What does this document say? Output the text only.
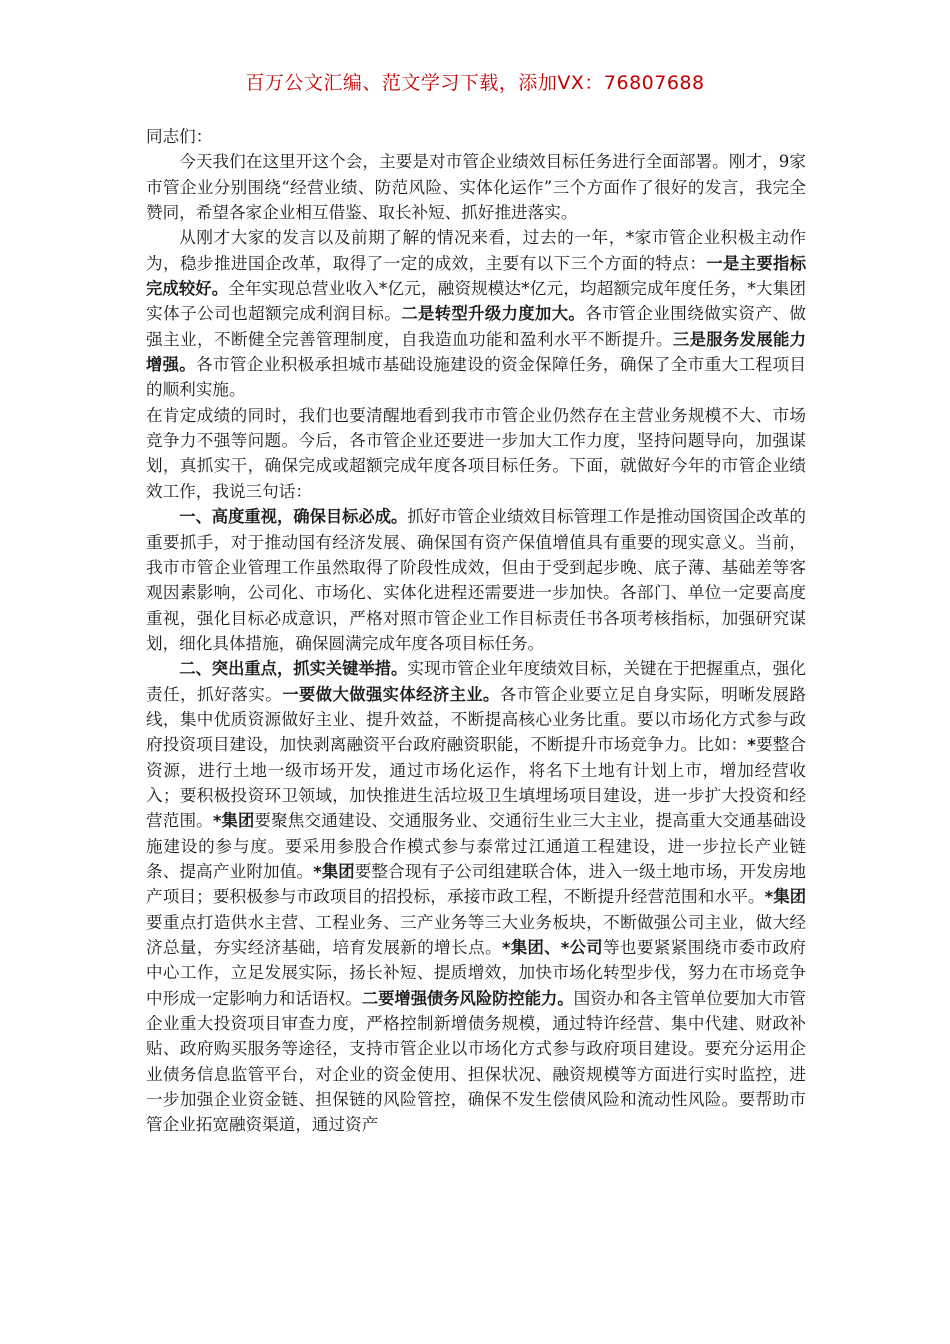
百万公文汇编、范文学习下载，添加VX：76807688

同志们：

今天我们在这里开这个会，主要是对市管企业绩效目标任务进行全面部署。刚才，9家市管企业分别围绕“经营业绩、防范风险、实体化运作”三个方面作了很好的发言，我完全赞同，希望各家企业相互借鉴、取长补短、抓好推进落实。

从刚才大家的发言以及前期了解的情况来看，过去的一年，*家市管企业积极主动作为，稳步推进国企改革，取得了一定的成效，主要有以下三个方面的特点：一是主要指标完成较好。全年实现总营业收入*亿元，融资规模达*亿元，均超额完成年度任务，*大集团实体子公司也超额完成利润目标。二是转型升级力度加大。各市管企业围绕做实资产、做强主业，不断健全完善管理制度，自我造血功能和盈利水平不断提升。三是服务发展能力增强。各市管企业积极承担城市基础设施建设的资金保障任务，确保了全市重大工程项目的顺利实施。

在肯定成绩的同时，我们也要清醒地看到我市市管企业仍然存在主营业务规模不大、市场竞争力不强等问题。今后，各市管企业还要进一步加大工作力度，坚持问题导向，加强谋划，真抓实干，确保完成或超额完成年度各项目标任务。下面，就做好今年的市管企业绩效工作，我说三句话：

一、高度重视，确保目标必成。抓好市管企业绩效目标管理工作是推动国资国企改革的重要抓手，对于推动国有经济发展、确保国有资产保值增值具有重要的现实意义。当前，我市市管企业管理工作虽然取得了阶段性成效，但由于受到起步晚、底子薄、基础差等客观因素影响，公司化、市场化、实体化进程还需要进一步加快。各部门、单位一定要高度重视，强化目标必成意识，严格对照市管企业工作目标责任书各项考核指标，加强研究谋划，细化具体措施，确保圆满完成年度各项目标任务。

二、突出重点，抓实关键举措。实现市管企业年度绩效目标，关键在于把握重点，强化责任，抓好落实。一要做大做强实体经济主业。各市管企业要立足自身实际，明晰发展路线，集中优质资源做好主业、提升效益，不断提高核心业务比重。要以市场化方式参与政府投资项目建设，加快剥离融资平台政府融资职能，不断提升市场竞争力。比如：*要整合资源，进行土地一级市场开发，通过市场化运作，将名下土地有计划上市，增加经营收入；要积极投资环卫领域，加快推进生活垃圾卫生填埋场项目建设，进一步扩大投资和经营范围。*集团要聚焦交通建设、交通服务业、交通衍生业三大主业，提高重大交通基础设施建设的参与度。要采用参股合作模式参与泰常过江通道工程建设，进一步拉长产业链条、提高产业附加值。*集团要整合现有子公司组建联合体，进入一级土地市场，开发房地产项目；要积极参与市政项目的招投标，承接市政工程，不断提升经营范围和水平。*集团要重点打造供水主营、工程业务、三产业务等三大业务板块，不断做强公司主业，做大经济总量，夯实经济基础，培育发展新的增长点。*集团、*公司等也要紧紧围绕市委市政府中心工作，立足发展实际，扬长补短、提质增效，加快市场化转型步伐，努力在市场竞争中形成一定影响力和话语权。二要增强债务风险防控能力。国资办和各主管单位要加大市管企业重大投资项目审查力度，严格控制新增债务规模，通过特许经营、集中代建、财政补贴、政府购买服务等途径，支持市管企业以市场化方式参与政府项目建设。要充分运用企业债务信息监管平台，对企业的资金使用、担保状况、融资规模等方面进行实时监控，进一步加强企业资金链、担保链的风险管控，确保不发生偿债风险和流动性风险。要帮助市管企业拓宽融资渠道，通过资产
